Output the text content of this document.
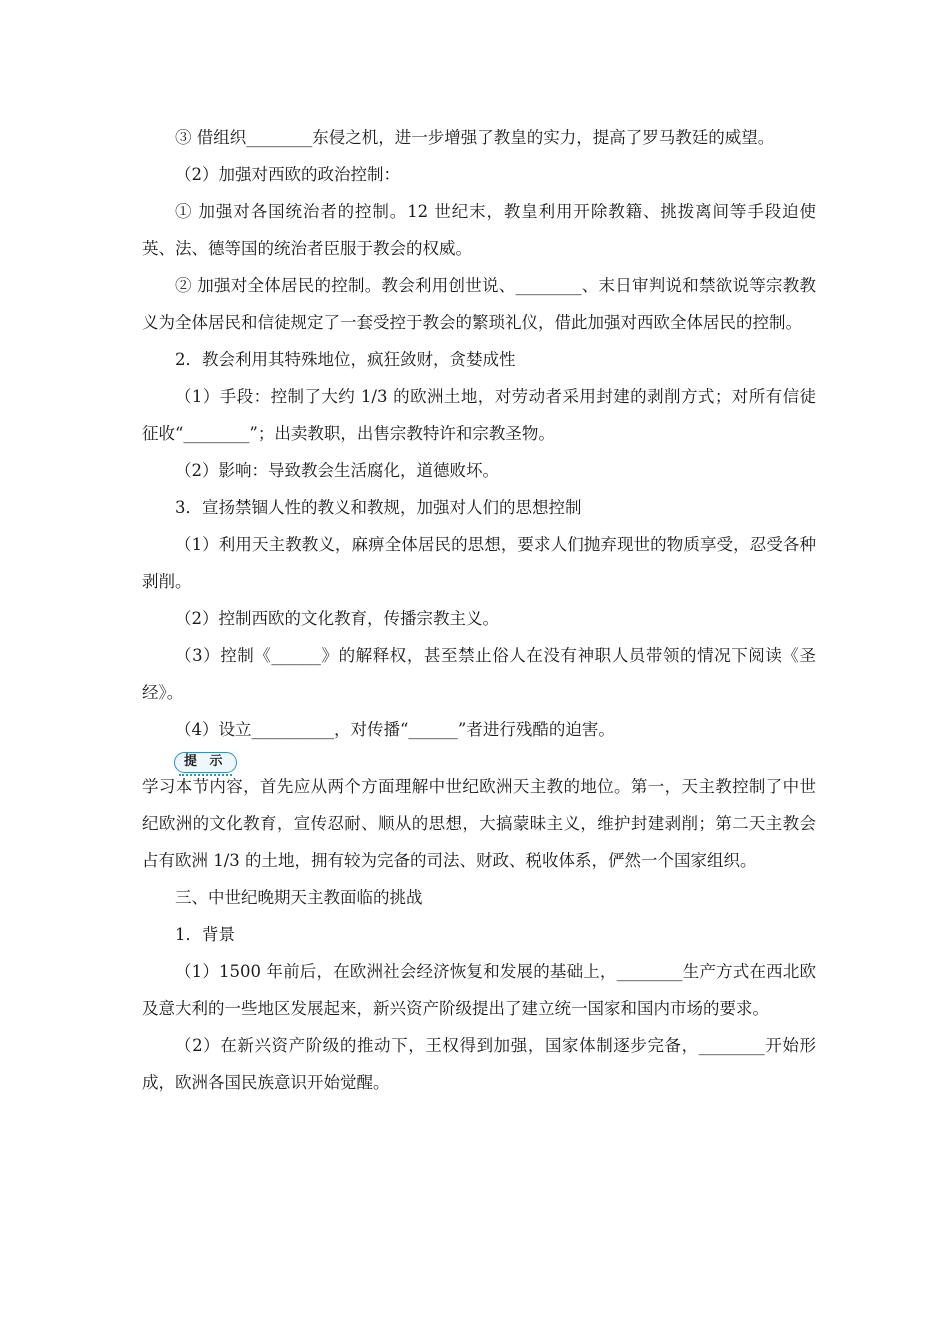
③ 借组织________东侵之机，进一步增强了教皇的实力，提高了罗马教廷的威望。

（2）加强对西欧的政治控制：

① 加强对各国统治者的控制。12 世纪末，教皇利用开除教籍、挑拨离间等手段迫使英、法、德等国的统治者臣服于教会的权威。

② 加强对全体居民的控制。教会利用创世说、________、末日审判说和禁欲说等宗教教义为全体居民和信徒规定了一套受控于教会的繁琐礼仪，借此加强对西欧全体居民的控制。

2．教会利用其特殊地位，疯狂敛财，贪婪成性

（1）手段：控制了大约 1/3 的欧洲土地，对劳动者采用封建的剥削方式；对所有信徒征收“________”；出卖教职，出售宗教特许和宗教圣物。

（2）影响：导致教会生活腐化，道德败坏。

3．宣扬禁锢人性的教义和教规，加强对人们的思想控制

（1）利用天主教教义，麻痹全体居民的思想，要求人们抛弃现世的物质享受，忍受各种剥削。

（2）控制西欧的文化教育，传播宗教主义。

（3）控制《______》的解释权，甚至禁止俗人在没有神职人员带领的情况下阅读《圣经》。

（4）设立__________，对传播“______”者进行残酷的迫害。

提 示

学习本节内容，首先应从两个方面理解中世纪欧洲天主教的地位。第一，天主教控制了中世纪欧洲的文化教育，宣传忍耐、顺从的思想，大搞蒙昧主义，维护封建剥削；第二天主教会占有欧洲 1/3 的土地，拥有较为完备的司法、财政、税收体系，俨然一个国家组织。

三、中世纪晚期天主教面临的挑战

1．背景

（1）1500 年前后，在欧洲社会经济恢复和发展的基础上，________生产方式在西北欧及意大利的一些地区发展起来，新兴资产阶级提出了建立统一国家和国内市场的要求。

（2）在新兴资产阶级的推动下，王权得到加强，国家体制逐步完备，________开始形成，欧洲各国民族意识开始觉醒。
